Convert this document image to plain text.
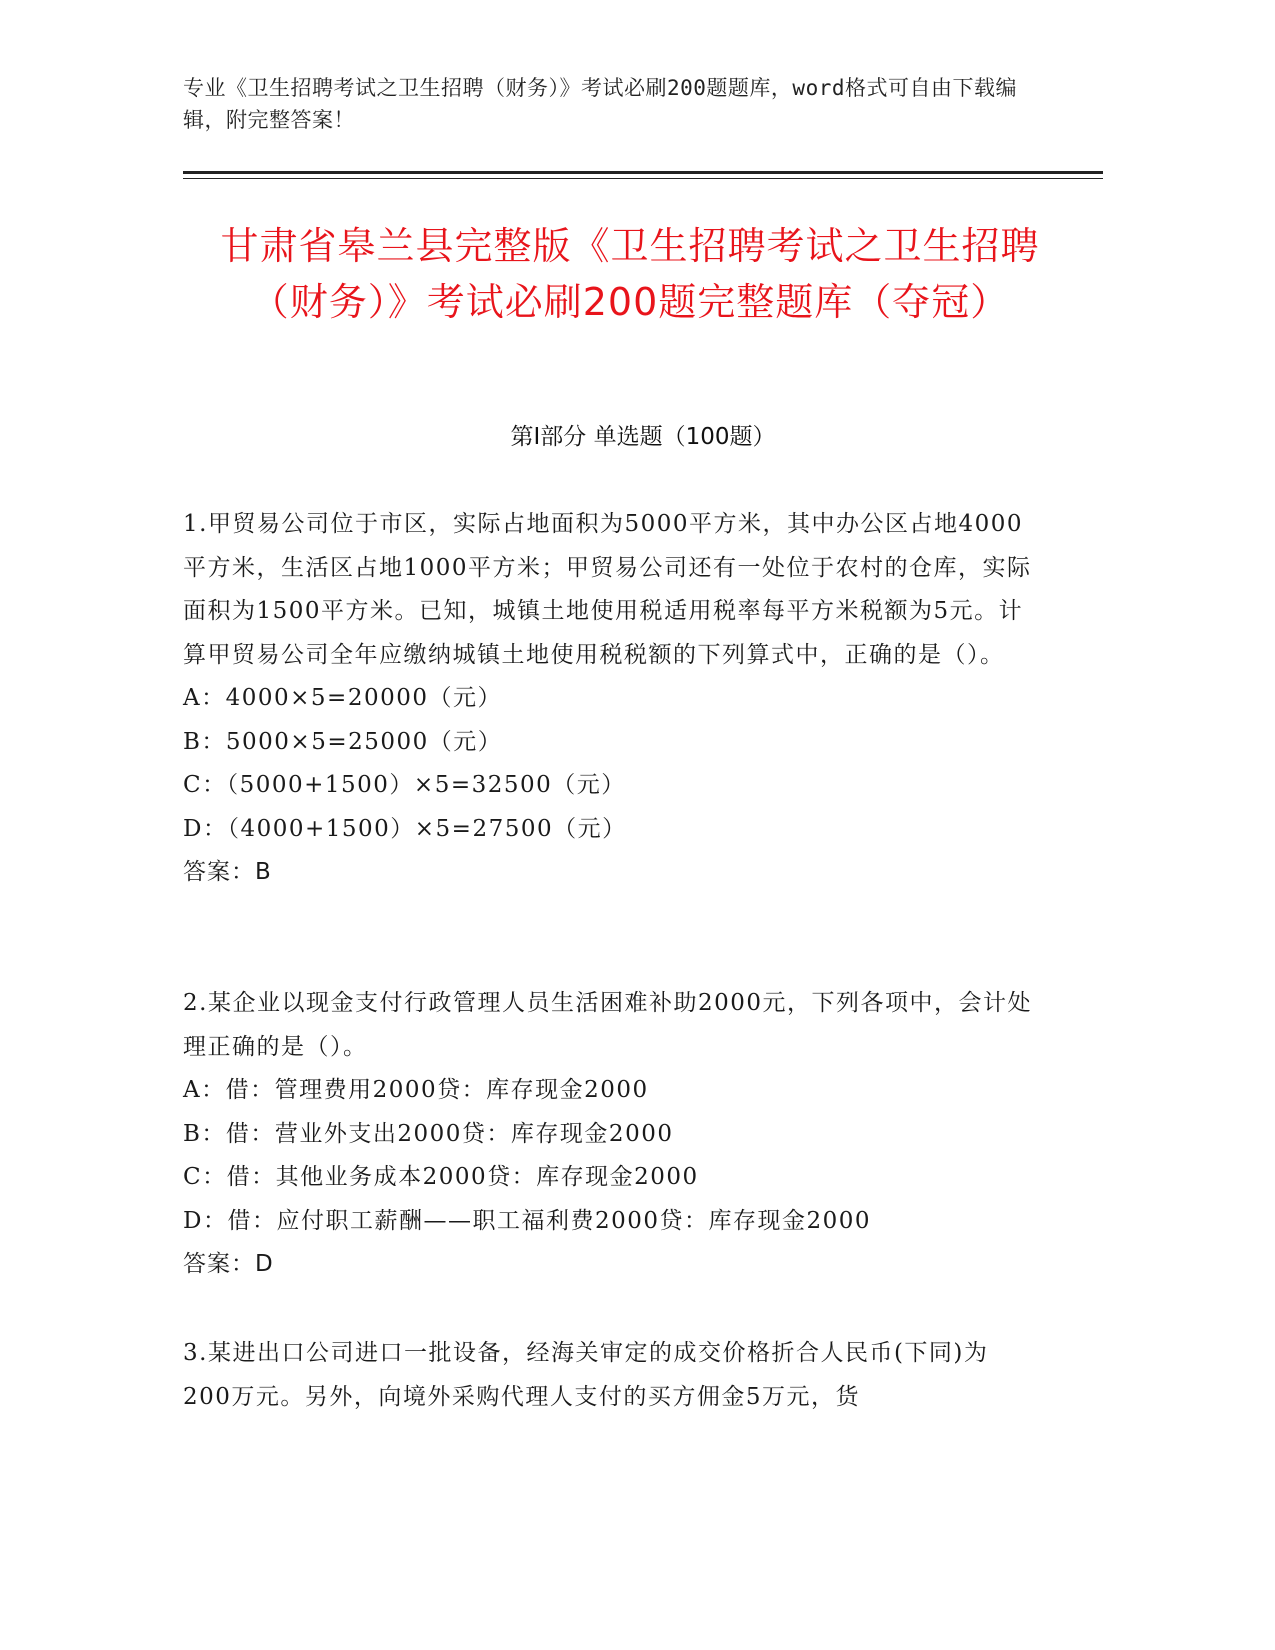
专业《卫生招聘考试之卫生招聘（财务）》考试必刷200题题库，word格式可自由下载编辑，附完整答案！
甘肃省皋兰县完整版《卫生招聘考试之卫生招聘（财务）》考试必刷200题完整题库（夺冠）
第Ⅰ部分 单选题（100题）

1.甲贸易公司位于市区，实际占地面积为5000平方米，其中办公区占地4000平方米，生活区占地1000平方米；甲贸易公司还有一处位于农村的仓库，实际面积为1500平方米。已知，城镇土地使用税适用税率每平方米税额为5元。计算甲贸易公司全年应缴纳城镇土地使用税税额的下列算式中，正确的是（）。

A：4000×5=20000（元）

B：5000×5=25000（元）

C：（5000+1500）×5=32500（元）

D：（4000+1500）×5=27500（元）

答案：B

2.某企业以现金支付行政管理人员生活困难补助2000元，下列各项中，会计处理正确的是（）。

A：借：管理费用2000贷：库存现金2000

B：借：营业外支出2000贷：库存现金2000

C：借：其他业务成本2000贷：库存现金2000

D：借：应付职工薪酬——职工福利费2000贷：库存现金2000

答案：D

3.某进出口公司进口一批设备，经海关审定的成交价格折合人民币(下同)为200万元。另外，向境外采购代理人支付的买方佣金5万元，货
